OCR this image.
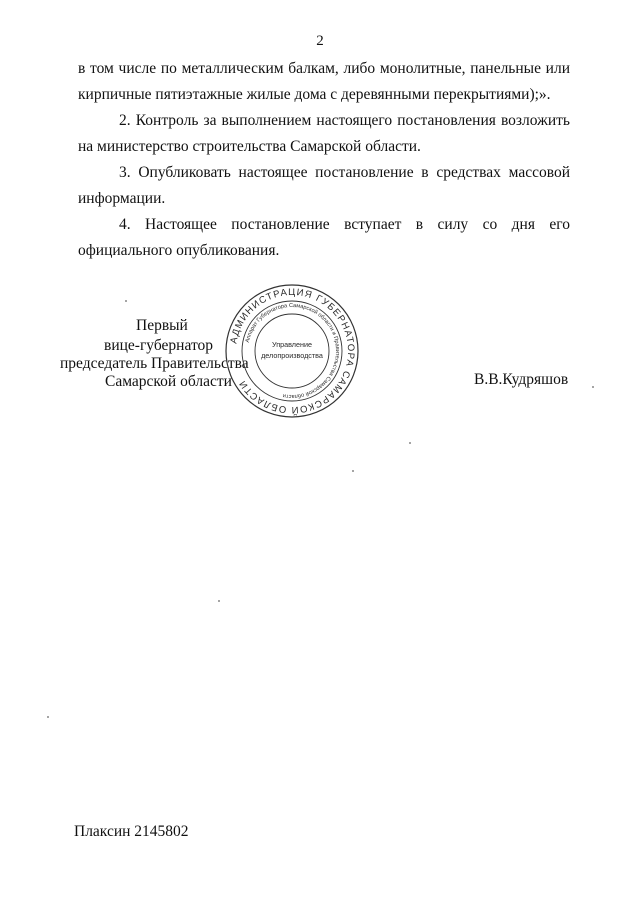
2
в том числе по металлическим балкам, либо монолитные, панельные или
кирпичные пятиэтажные жилые дома с деревянными перекрытиями);».
2. Контроль за выполнением настоящего постановления возложить
на министерство строительства Самарской области.
3. Опубликовать настоящее постановление в средствах массовой
информации.
4. Настоящее постановление вступает в силу со дня его
официального опубликования.
Первый
вице-губернатор
председатель Правительства
Самарской области
АДМИНИСТРАЦИЯ ГУБЕРНАТОРА САМАРСКОЙ ОБЛАСТИ
Аппарат Губернатора Самарской области и Правительства Самарской области
Управление
делопроизводства
В.В.Кудряшов
Плаксин 2145802
